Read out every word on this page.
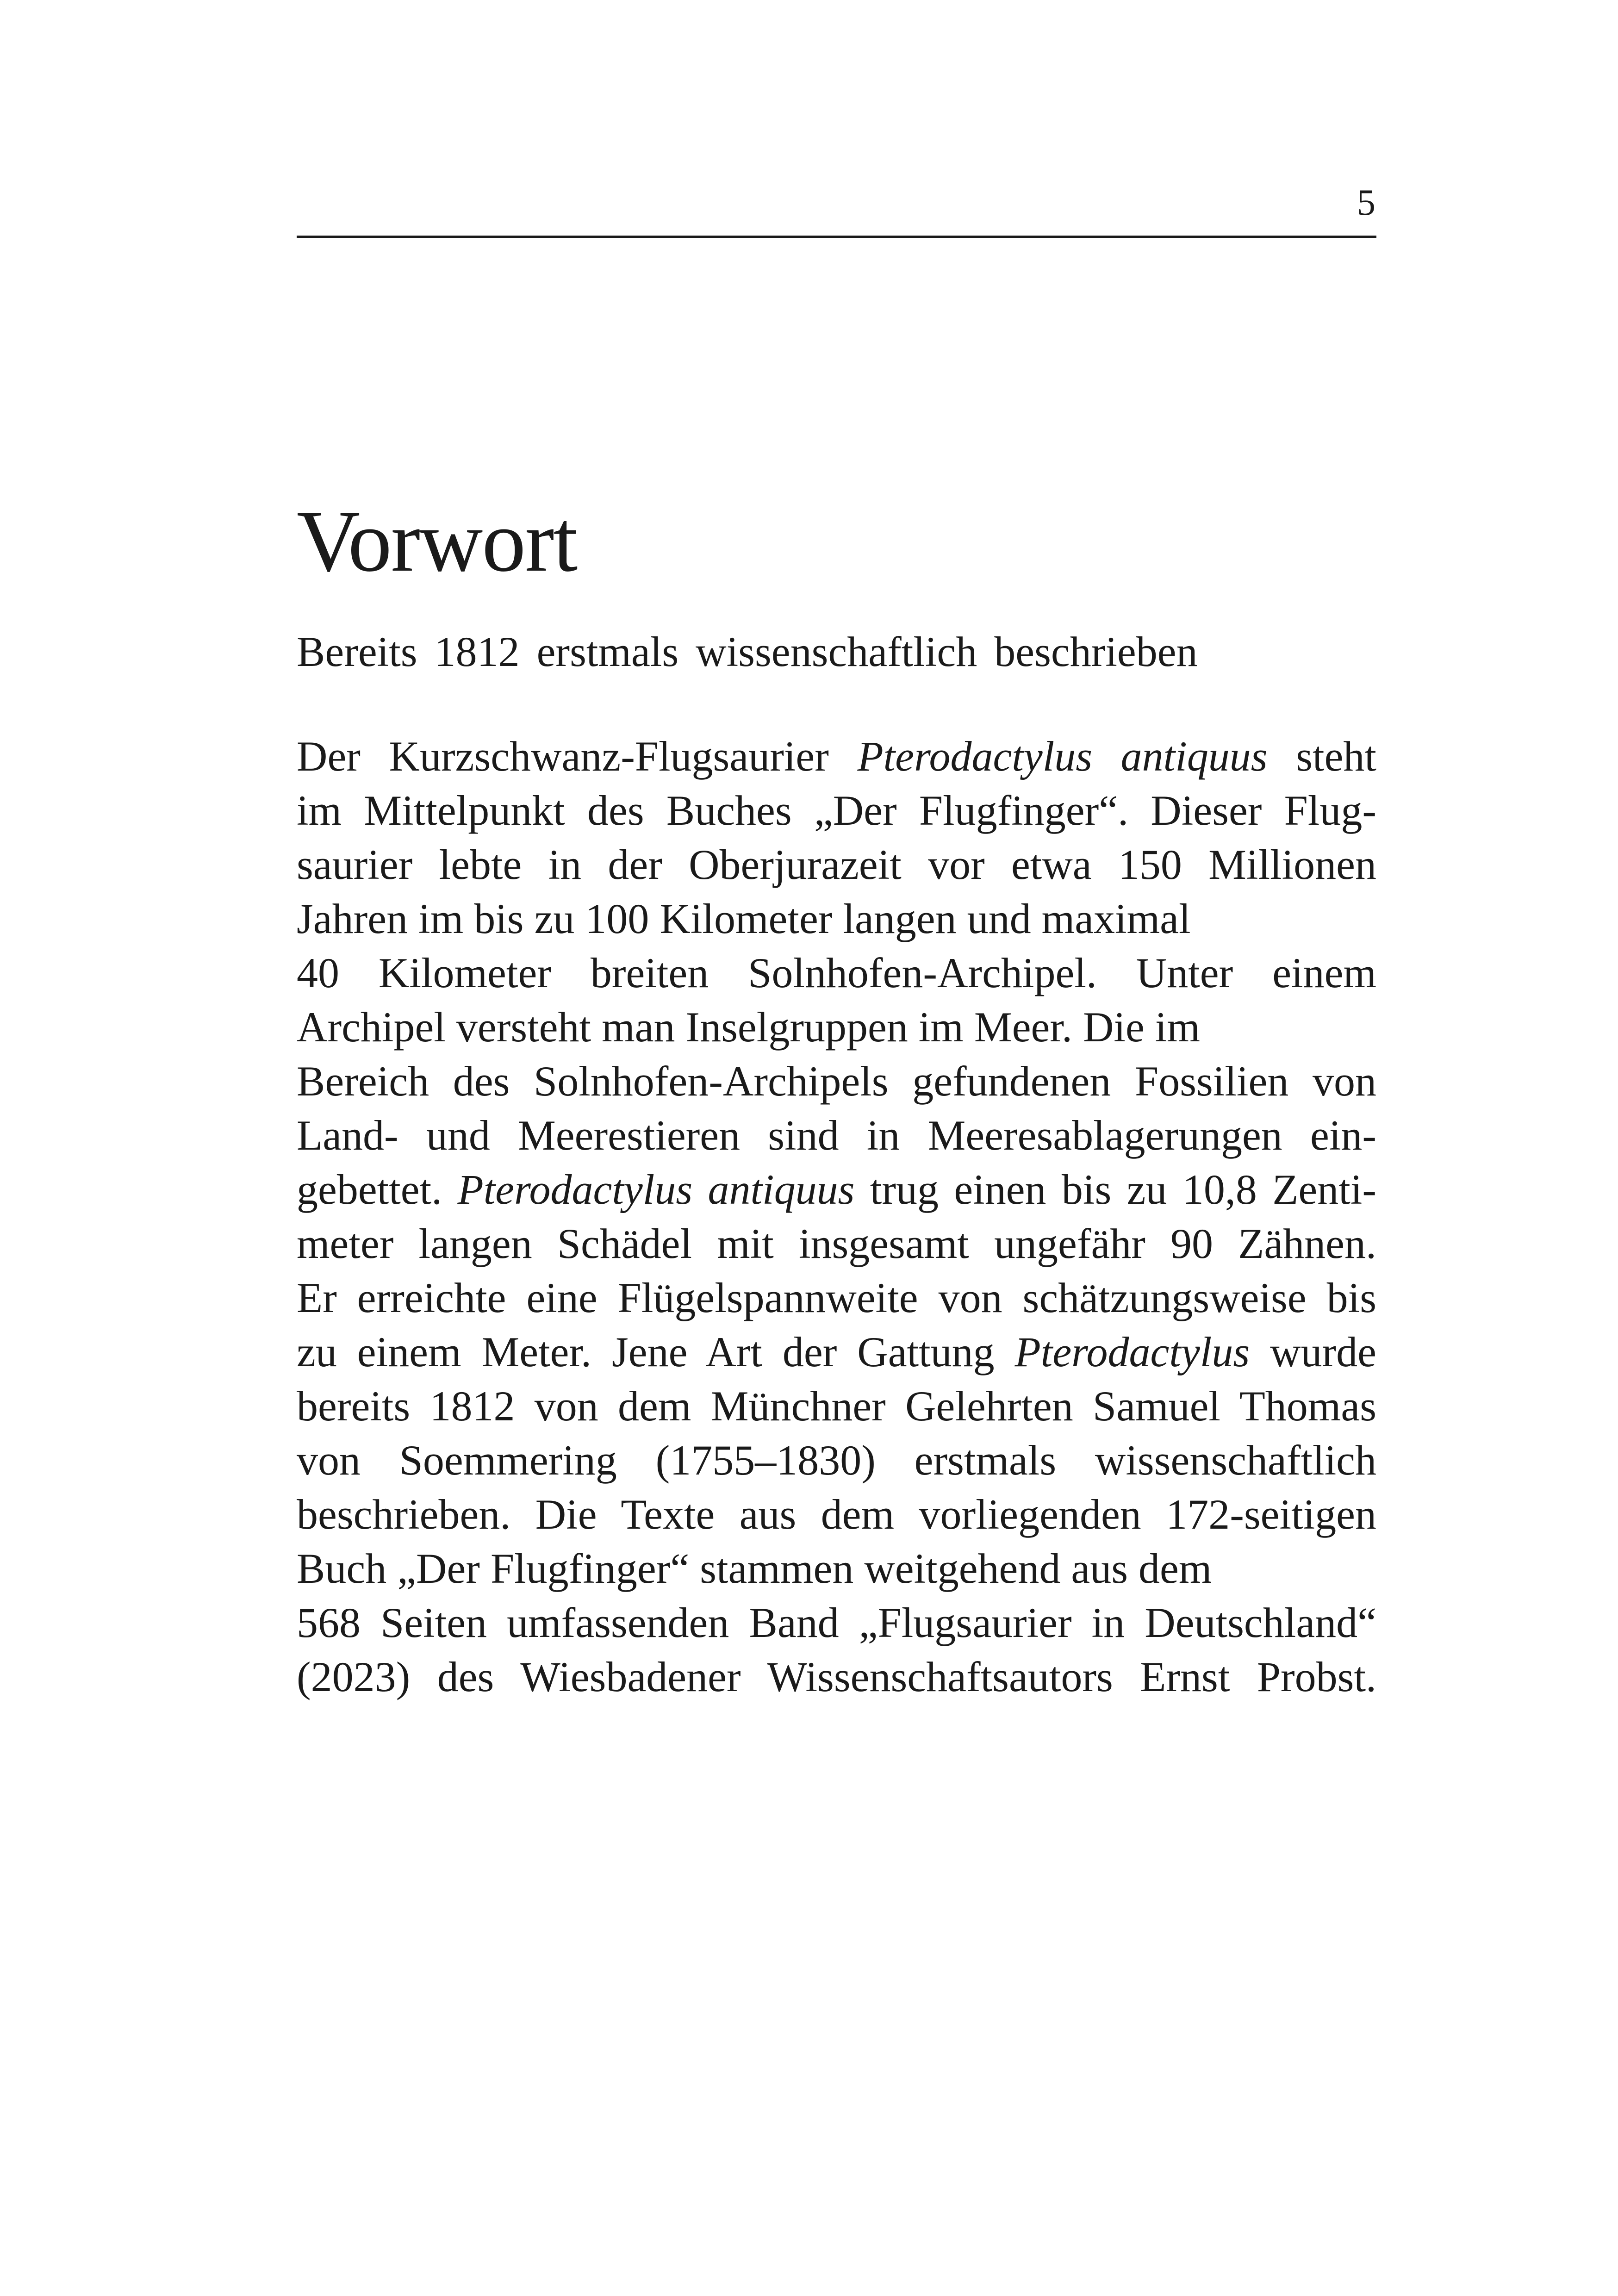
5
Vorwort

Bereits 1812 erstmals wissenschaftlich beschrieben

Der Kurzschwanz-Flugsaurier Pterodactylus antiquus steht
im Mittelpunkt des Buches „Der Flugfinger“. Dieser Flug-
saurier lebte in der Oberjurazeit vor etwa 150 Millionen
Jahren im bis zu 100 Kilometer langen und maximal
40 Kilometer breiten Solnhofen-Archipel. Unter einem
Archipel versteht man Inselgruppen im Meer. Die im
Bereich des Solnhofen-Archipels gefundenen Fossilien von
Land- und Meerestieren sind in Meeresablagerungen ein-
gebettet. Pterodactylus antiquus trug einen bis zu 10,8 Zenti-
meter langen Schädel mit insgesamt ungefähr 90 Zähnen.
Er erreichte eine Flügelspannweite von schätzungsweise bis
zu einem Meter. Jene Art der Gattung Pterodactylus wurde
bereits 1812 von dem Münchner Gelehrten Samuel Thomas
von Soemmering (1755–1830) erstmals wissenschaftlich
beschrieben. Die Texte aus dem vorliegenden 172-seitigen
Buch „Der Flugfinger“ stammen weitgehend aus dem
568 Seiten umfassenden Band „Flugsaurier in Deutschland“
(2023) des Wiesbadener Wissenschaftsautors Ernst Probst.
